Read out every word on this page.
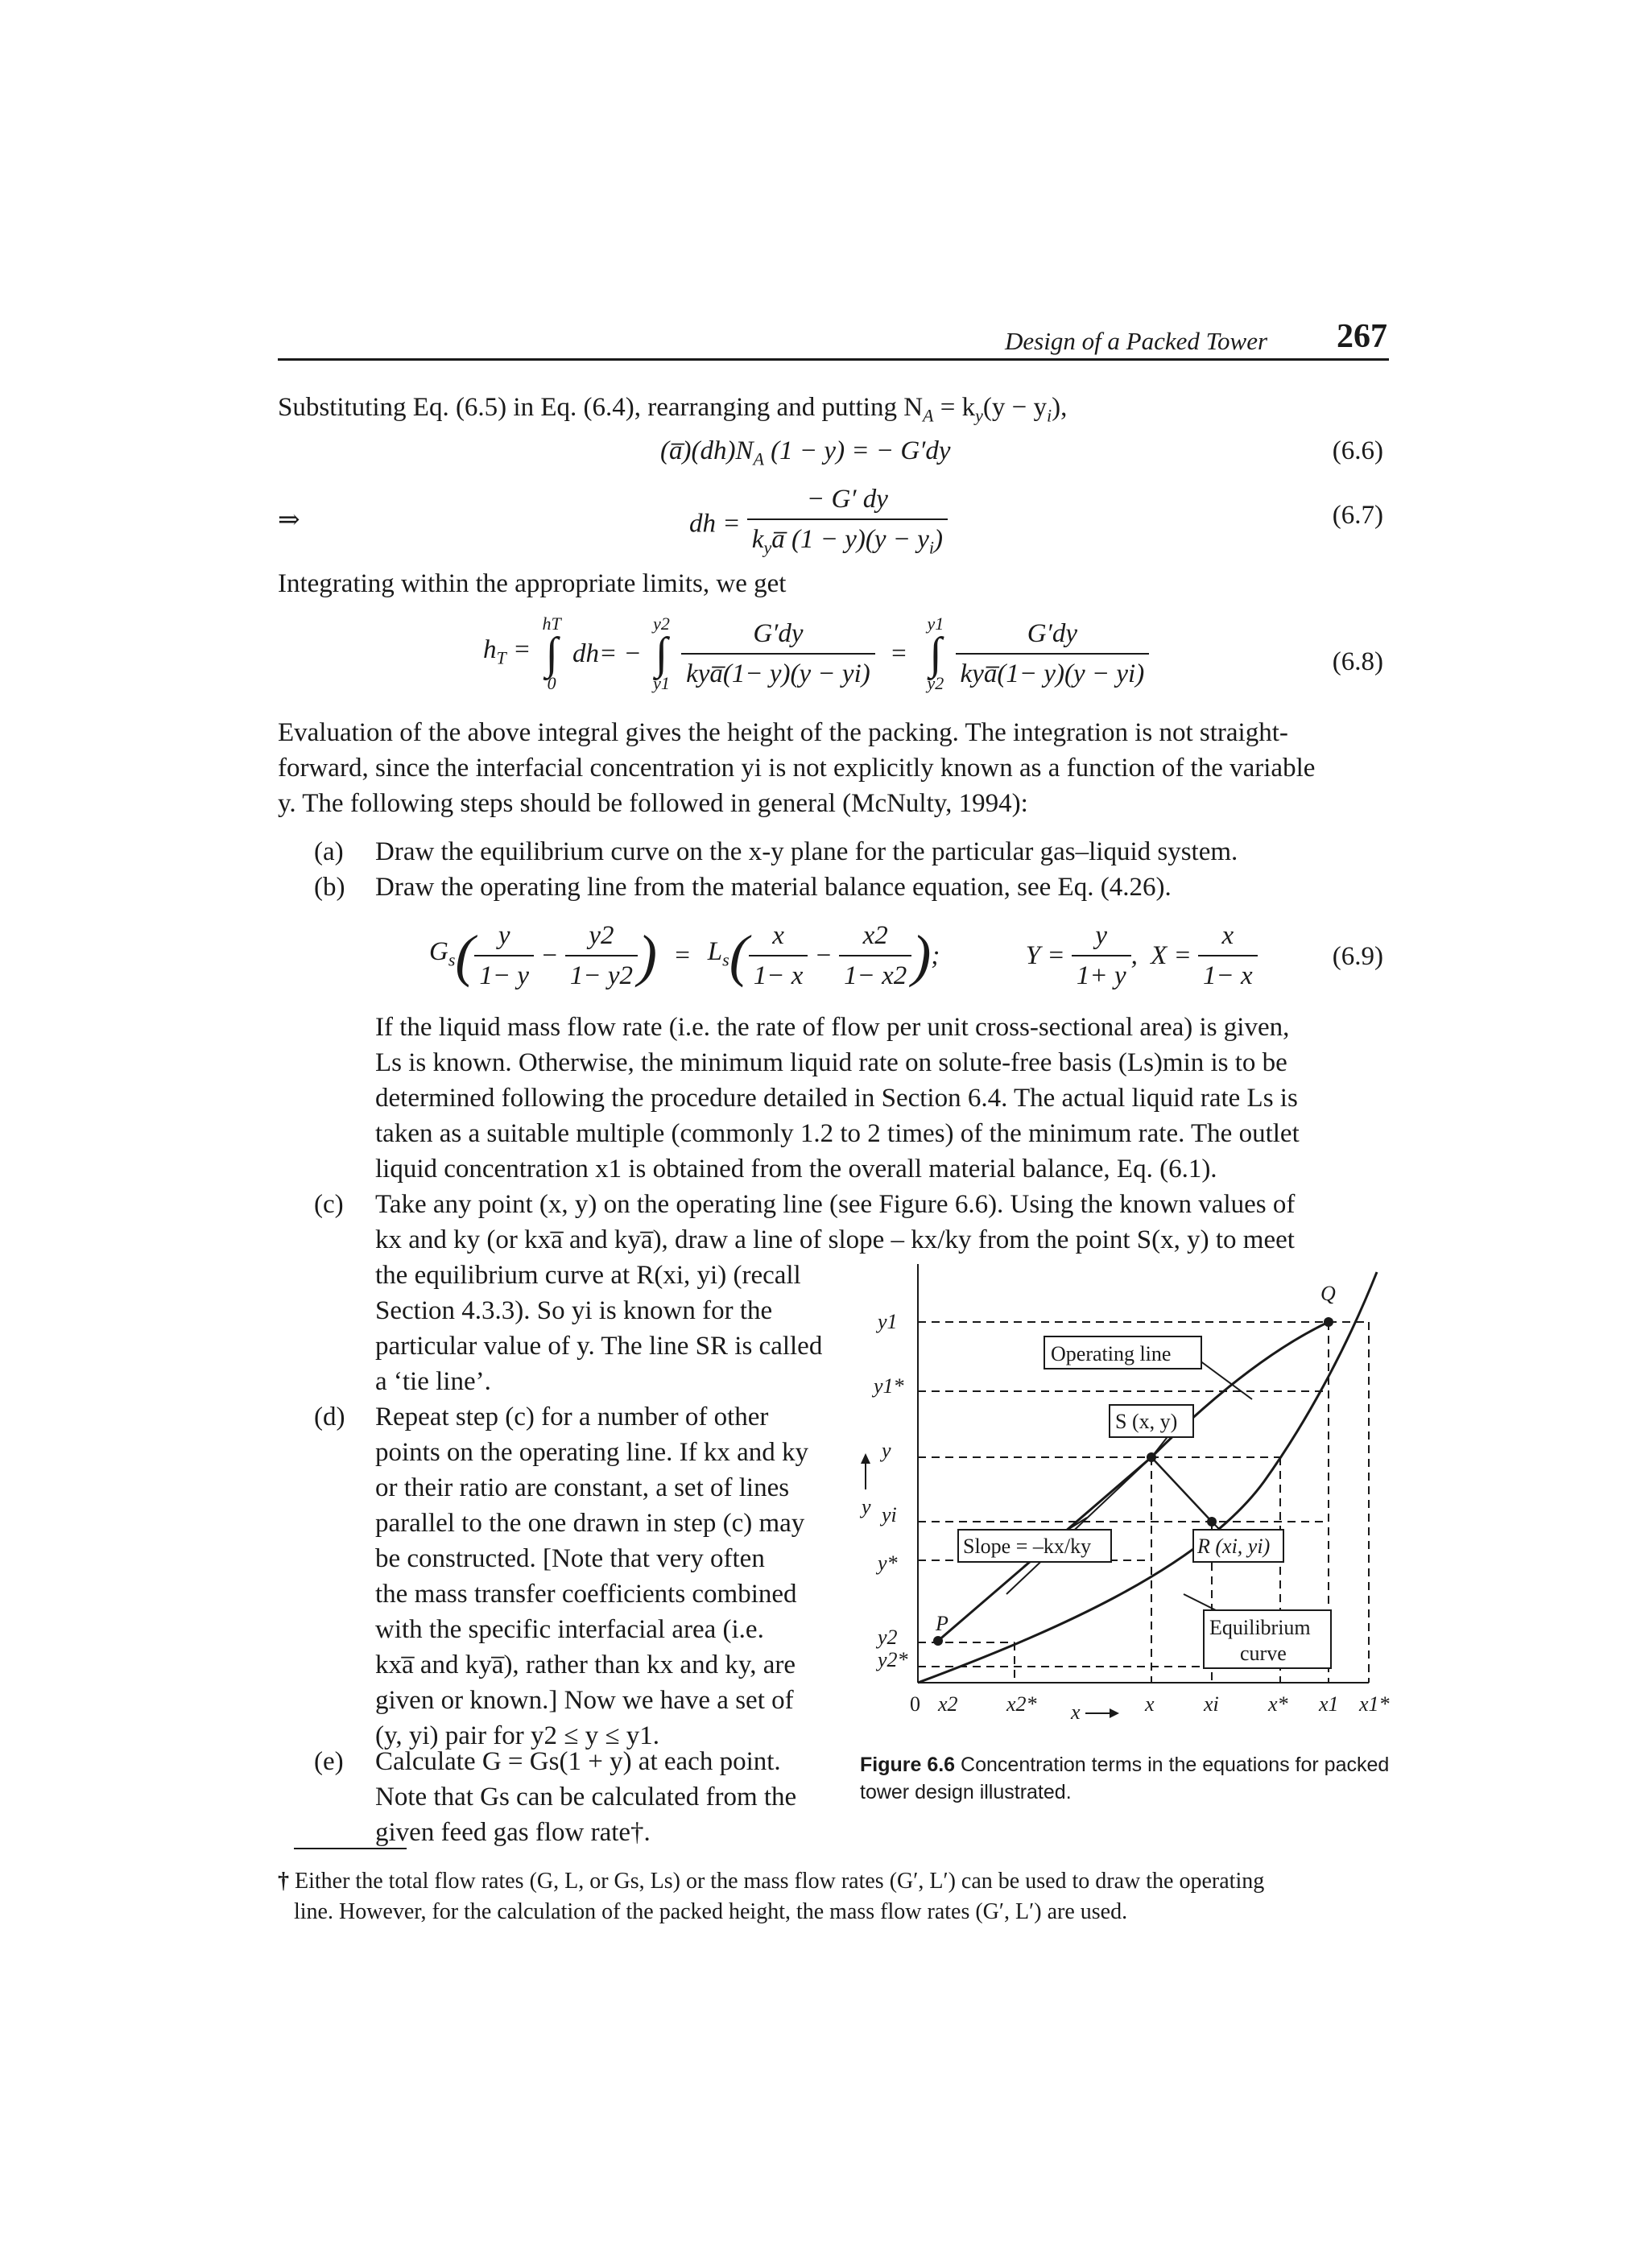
Design of a Packed Tower 267
Substituting Eq. (6.5) in Eq. (6.4), rearranging and putting $N_A = k_y(y - y_i)$,
$(a̅)(dh)N_A$ (1 − y) = − G′dy	(6.6)
⇒	dh = $\frac{- G' dy}{k_ya̅ (1 - y)(y - y_i)}$	(6.7)
Integrating within the appropriate limits, we get
$h_T$ =
hT
∫
0
dh= −
y2
∫
y1
$\frac{G'dy}{\text{kya̅(1− y)(y − yi)}}$ =
y1
∫
y2
$\frac{G'dy}{\text{kya̅(1− y)(y − yi)}}$	(6.8)
Evaluation of the above integral gives the height of the packing. The integration is not straight-
forward, since the interfacial concentration yi is not explicitly known as a function of the variable
y. The following steps should be followed in general (McNulty, 1994):
(a) Draw the equilibrium curve on the x-y plane for the particular gas–liquid system.
(b) Draw the operating line from the material balance equation, see Eq. (4.26).
$G_s( \frac{y}{1- y} - \frac{y2}{1- y2}$ ) = $L_s( \frac{x}{1- x} - \frac{x2}{1- x2}$ );	$Y = \frac{y}{1+ y}$ , $X = \frac{x}{1- x}$	(6.9)
If the liquid mass flow rate (i.e. the rate of flow per unit cross-sectional area) is given,
Ls is known. Otherwise, the minimum liquid rate on solute-free basis (Ls)min is to be
determined following the procedure detailed in Section 6.4. The actual liquid rate Ls is
taken as a suitable multiple (commonly 1.2 to 2 times) of the minimum rate. The outlet
liquid concentration x1 is obtained from the overall material balance, Eq. (6.1).
(c) Take any point (x, y) on the operating line (see Figure 6.6). Using the known values of
kx and ky (or kxa̅ and kya̅), draw a line of slope – kx/ky from the point S(x, y) to meet
the equilibrium curve at R(xi, yi) (recall
Section 4.3.3). So yi is known for the
particular value of y. The line SR is called
a ‘tie line’.
(d) Repeat step (c) for a number of other
points on the operating line. If kx and ky
or their ratio are constant, a set of lines
parallel to the one drawn in step (c) may
be constructed. [Note that very often
the mass transfer coefficients combined
with the specific interfacial area (i.e.
kxa̅ and kya̅), rather than kx and ky, are
given or known.] Now we have a set of
(y, yi) pair for y2 ≤ y ≤ y1.
(e) Calculate G = Gs(1 + y) at each point.
Note that Gs can be calculated from the
given feed gas flow rate†.
Operating line
S (x, y)
Slope = –kx/ky	R (xi, yi)
Equilibrium
curve
Q
P
y1
y1*
y
yi
y*
y2
y2*
y
0 x2 x2*	x xi x* x1 x1*
x
Figure 6.6 Concentration terms in the equations for packed
tower design illustrated.
† Either the total flow rates (G, L, or Gs, Ls) or the mass flow rates (G′, L′) can be used to draw the operating
line. However, for the calculation of the packed height, the mass flow rates (G′, L′) are used.
